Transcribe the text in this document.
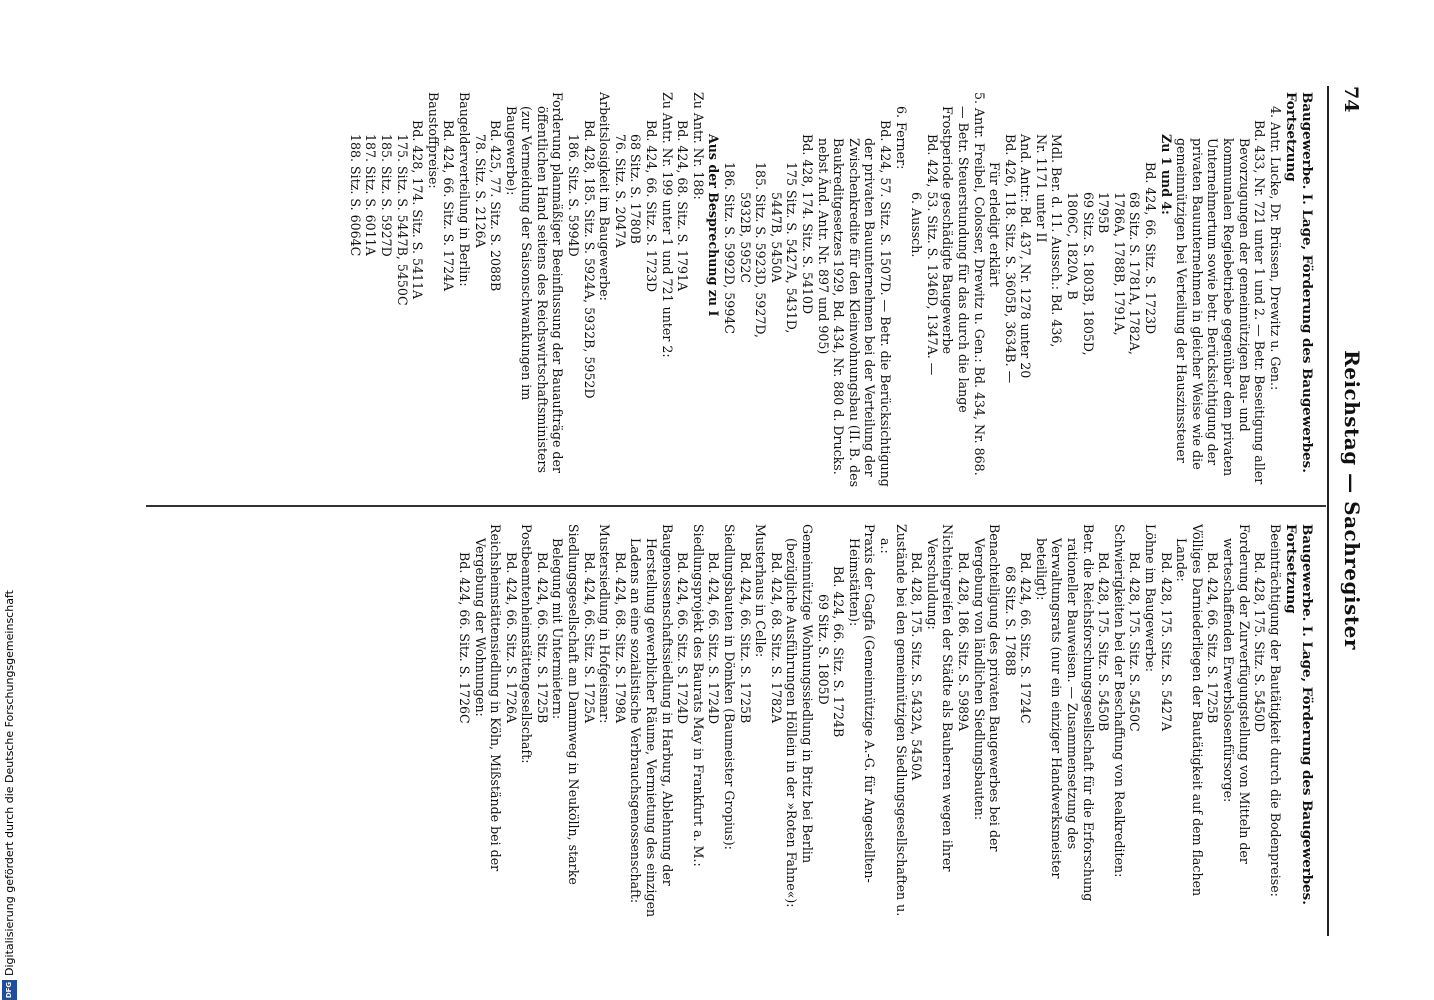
74
Reichstag — Sachregister

Baugewerbe. I. Lage, Förderung des Baugewerbes.

Fortsetzung

4. Antr. Lucke, Dr. Brüssen, Drewitz u. Gen.:

Bd. 433, Nr. 721 unter 1 und 2. — Betr. Beseitigung aller Bevorzugungen der gemeinnützigen Bau- und kommunalen Regiebetriebe gegenüber dem privaten Unternehmertum sowie betr. Berücksichtigung der privaten Bauunternehmen in gleicher Weise wie die gemeinnützigen bei Verteilung der Hauszinssteuer

Zu 1 und 4:

Bd. 424, 66. Sitz. S. 1723D

68 Sitz. S. 1781A, 1782A,

1786A, 1788B, 1791A,

1795B

69 Sitz. S. 1803B, 1805D,

1806C, 1820A, B

Mdl. Ber. d. 11. Aussch.: Bd. 436,

Nr. 1171 unter II

And. Antr.: Bd. 437, Nr. 1278 unter 20

Bd. 426, 118. Sitz. S. 3605B, 3634B. —

Für erledigt erklärt

5. Antr. Freibel, Colosser, Drewitz u. Gen.: Bd. 434, Nr. 868. — Betr. Steuerstundung für das durch die lange Frostperiode geschädigte Baugewerbe

Bd. 424, 53. Sitz. S. 1346D, 1347A. —

6. Aussch.

6. Ferner:

Bd. 424, 57. Sitz. S. 1507D. — Betr. die Berücksichtigung der privaten Bauunternehmen bei der Verteilung der Zwischenkredite für den Kleinwohnungsbau (II. B. des Baukreditgesetzes 1929, Bd. 434, Nr. 880 d. Drucks. nebst Änd. Antr. Nr. 897 und 905)

Bd. 428, 174. Sitz. S. 5410D

175 Sitz. S. 5427A, 5431D,

5447B, 5450A

185. Sitz. S. 5923D, 5927D,

5932B, 5952C

186. Sitz. S. 5992D, 5994C

Aus der Besprechung zu I

Zu Antr. Nr. 188:

Bd. 424, 68. Sitz. S. 1791A

Zu Antr. Nr. 199 unter 1 und 721 unter 2:

Bd. 424, 66. Sitz. S. 1723D

68 Sitz. S. 1780B

76. Sitz. S. 2047A

Arbeitslosigkeit im Baugewerbe:

Bd. 428, 185. Sitz. S. 5924A, 5932B, 5952D

186. Sitz. S. 5994D

Forderung planmäßiger Beeinflussung der Bauaufträge der öffentlichen Hand seitens des Reichswirtschaftsministers (zur Vermeidung der Saisonschwankungen im Baugewerbe):

Bd. 425, 77. Sitz. S. 2088B

78. Sitz. S. 2126A

Baugelderverteilung in Berlin:

Bd. 424, 66. Sitz. S. 1724A

Baustoffpreise:

Bd. 428, 174. Sitz. S. 5411A

175. Sitz. S. 5447B, 5450C

185. Sitz. S. 5927D

187. Sitz. S. 6011A

188. Sitz. S. 6064C

Baugewerbe. I. Lage, Förderung des Baugewerbes.

Fortsetzung

Beeinträchtigung der Bautätigkeit durch die Bodenpreise:

Bd. 428, 175. Sitz. S. 5450D

Forderung der Zurverfügungstellung von Mitteln der werteschaffenden Erwerbslosenfürsorge:

Bd. 424, 66. Sitz. S. 1725B

Völliges Darniederliegen der Bautätigkeit auf dem flachen Lande:

Bd. 428, 175. Sitz. S. 5427A

Löhne im Baugewerbe:

Bd. 428, 175. Sitz. S. 5450C

Schwierigkeiten bei der Beschaffung von Realkrediten:

Bd. 428, 175. Sitz. S. 5450B

Betr. die Reichsforschungsgesellschaft für die Erforschung rationeller Bauweisen. — Zusammensetzung des Verwaltungsrats (nur ein einziger Handwerksmeister beteiligt):

Bd. 424, 66. Sitz. S. 1724C

68 Sitz. S. 1788B

Benachteiligung des privaten Baugewerbes bei der Vergebung von ländlichen Siedlungsbauten:

Bd. 428, 186. Sitz. S. 5989A

Nichteingreifen der Städte als Bauherren wegen ihrer Verschuldung:

Bd. 428, 175. Sitz. S. 5432A, 5450A

Zustände bei den gemeinnützigen Siedlungsgesellschaften u. a.:

Praxis der Gagfa (Gemeinnützige A.-G. für Angestellten-Heimstätten):

Bd. 424, 66. Sitz. S. 1724B

69 Sitz. S. 1805D

Gemeinnützige Wohnungssiedlung in Britz bei Berlin (bezügliche Ausführungen Höllein in der »Roten Fahne«):

Bd. 424, 68. Sitz. S. 1782A

Musterhaus in Celle:

Bd. 424, 66. Sitz. S. 1725B

Siedlungsbauten in Dömken (Baumeister Gropius):

Bd. 424, 66. Sitz. S. 1724D

Siedlungsprojekt des Baurats May in Frankfurt a. M.:

Bd. 424, 66. Sitz. S. 1724D

Baugenossenschaftssiedlung in Harburg, Ablehnung der Herstellung gewerblicher Räume, Vermietung des einzigen Ladens an eine sozialistische Verbrauchsgenossenschaft:

Bd. 424, 68. Sitz. S. 1798A

Mustersiedlung in Hofgeismar:

Bd. 424, 66. Sitz. S. 1725A

Siedlungsgesellschaft am Dammweg in Neukölln, starke Belegung mit Untermietern:

Bd. 424, 66. Sitz. S. 1725B

Postbeamtenheimstättengesellschaft:

Bd. 424, 66. Sitz. S. 1726A

Reichsheimstättensiedlung in Köln, Mißstände bei der Vergebung der Wohnungen:

Bd. 424, 66. Sitz. S. 1726C

DFG
Digitalisierung gefördert durch die Deutsche Forschungsgemeinschaft
